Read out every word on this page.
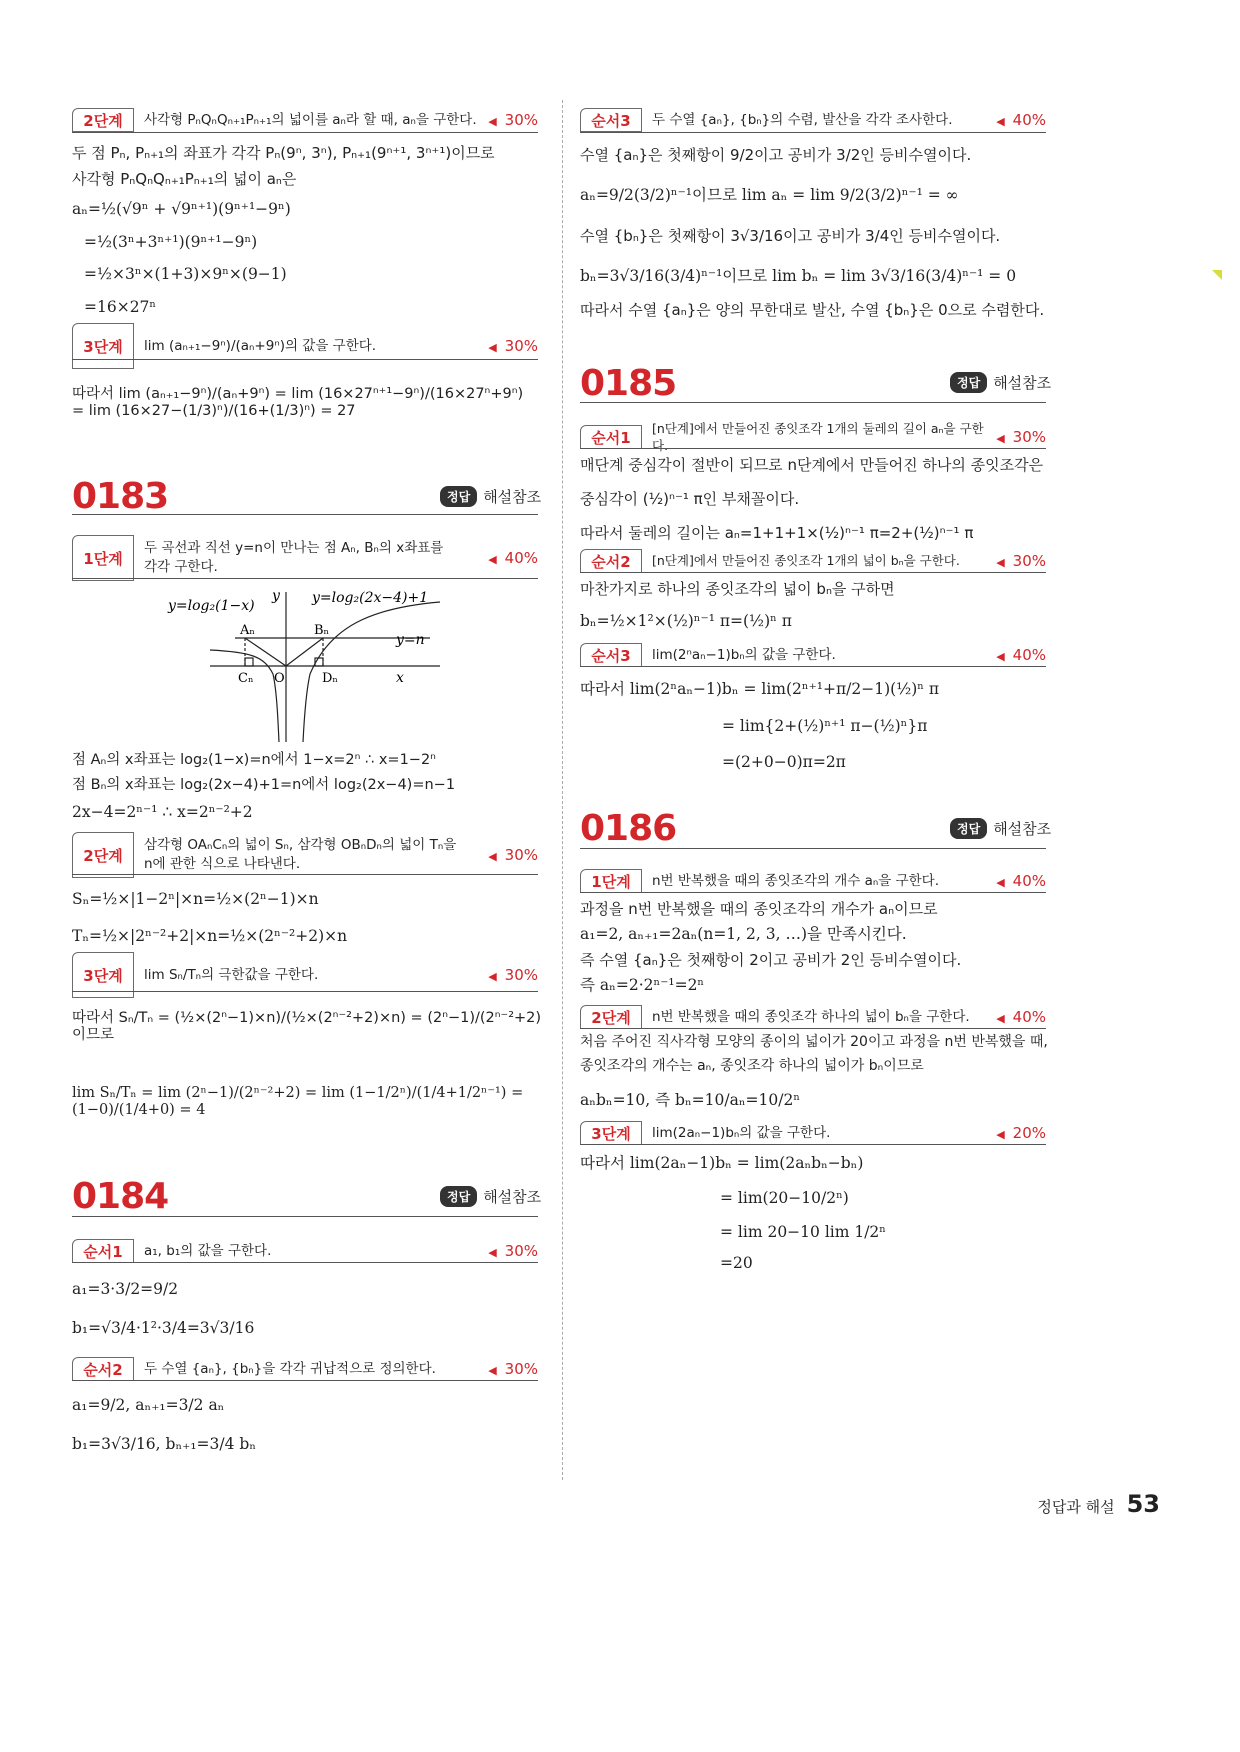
2단계	사각형 PₙQₙQₙ₊₁Pₙ₊₁의 넓이를 aₙ라 할 때, aₙ을 구한다.	◀ 30%
두 점 Pₙ, Pₙ₊₁의 좌표가 각각 Pₙ(9ⁿ, 3ⁿ), Pₙ₊₁(9ⁿ⁺¹, 3ⁿ⁺¹)이므로
사각형 PₙQₙQₙ₊₁Pₙ₊₁의 넓이 aₙ은
aₙ=½(√9ⁿ + √9ⁿ⁺¹)(9ⁿ⁺¹−9ⁿ)
=½(3ⁿ+3ⁿ⁺¹)(9ⁿ⁺¹−9ⁿ)
=½×3ⁿ×(1+3)×9ⁿ×(9−1)
=16×27ⁿ
3단계	lim (aₙ₊₁−9ⁿ)/(aₙ+9ⁿ)의 값을 구한다.	◀ 30%
따라서 lim (aₙ₊₁−9ⁿ)/(aₙ+9ⁿ) = lim (16×27ⁿ⁺¹−9ⁿ)/(16×27ⁿ+9ⁿ) = lim (16×27−(1/3)ⁿ)/(16+(1/3)ⁿ) = 27
0183	정답 해설참조
1단계
두 곡선과 직선 y=n이 만나는 점 Aₙ, Bₙ의 x좌표를 각각 구한다.	◀ 40%
y=log₂(1−x)	y=log₂(2x−4)+1
y=n
Aₙ	Bₙ
Cₙ O	Dₙ	x
y
점 Aₙ의 x좌표는 log₂(1−x)=n에서 1−x=2ⁿ ∴ x=1−2ⁿ
점 Bₙ의 x좌표는 log₂(2x−4)+1=n에서 log₂(2x−4)=n−1
2x−4=2ⁿ⁻¹ ∴ x=2ⁿ⁻²+2
2단계
삼각형 OAₙCₙ의 넓이 Sₙ, 삼각형 OBₙDₙ의 넓이 Tₙ을 n에 관한 식으로 나타낸다.	◀ 30%
Sₙ=½×|1−2ⁿ|×n=½×(2ⁿ−1)×n
Tₙ=½×|2ⁿ⁻²+2|×n=½×(2ⁿ⁻²+2)×n
3단계	lim Sₙ/Tₙ의 극한값을 구한다.	◀ 30%
따라서 Sₙ/Tₙ = (½×(2ⁿ−1)×n)/(½×(2ⁿ⁻²+2)×n) = (2ⁿ−1)/(2ⁿ⁻²+2) 이므로
lim Sₙ/Tₙ = lim (2ⁿ−1)/(2ⁿ⁻²+2) = lim (1−1/2ⁿ)/(1/4+1/2ⁿ⁻¹) = (1−0)/(1/4+0) = 4
0184	정답 해설참조
순서1	a₁, b₁의 값을 구한다.	◀ 30%
a₁=3·3/2=9/2
b₁=√3/4·1²·3/4=3√3/16
순서2	두 수열 {aₙ}, {bₙ}을 각각 귀납적으로 정의한다.	◀ 30%
a₁=9/2, aₙ₊₁=3/2 aₙ
b₁=3√3/16, bₙ₊₁=3/4 bₙ
순서3	두 수열 {aₙ}, {bₙ}의 수렴, 발산을 각각 조사한다.	◀ 40%
수열 {aₙ}은 첫째항이 9/2이고 공비가 3/2인 등비수열이다.
aₙ=9/2(3/2)ⁿ⁻¹이므로 lim aₙ = lim 9/2(3/2)ⁿ⁻¹ = ∞
수열 {bₙ}은 첫째항이 3√3/16이고 공비가 3/4인 등비수열이다.
bₙ=3√3/16(3/4)ⁿ⁻¹이므로 lim bₙ = lim 3√3/16(3/4)ⁿ⁻¹ = 0
따라서 수열 {aₙ}은 양의 무한대로 발산, 수열 {bₙ}은 0으로 수렴한다.
0185	정답 해설참조
순서1
[n단계]에서 만들어진 종잇조각 1개의 둘레의 길이 aₙ을 구한다.	◀ 30%
매단계 중심각이 절반이 되므로 n단계에서 만들어진 하나의 종잇조각은
중심각이 (½)ⁿ⁻¹ π인 부채꼴이다.
따라서 둘레의 길이는 aₙ=1+1+1×(½)ⁿ⁻¹ π=2+(½)ⁿ⁻¹ π
순서2	[n단계]에서 만들어진 종잇조각 1개의 넓이 bₙ을 구한다.	◀ 30%
마찬가지로 하나의 종잇조각의 넓이 bₙ을 구하면
bₙ=½×1²×(½)ⁿ⁻¹ π=(½)ⁿ π
순서3	lim(2ⁿaₙ−1)bₙ의 값을 구한다.	◀ 40%
따라서 lim(2ⁿaₙ−1)bₙ = lim(2ⁿ⁺¹+π/2−1)(½)ⁿ π
= lim{2+(½)ⁿ⁺¹ π−(½)ⁿ}π
=(2+0−0)π=2π
0186	정답 해설참조
1단계	n번 반복했을 때의 종잇조각의 개수 aₙ을 구한다.	◀ 40%
과정을 n번 반복했을 때의 종잇조각의 개수가 aₙ이므로
a₁=2, aₙ₊₁=2aₙ(n=1, 2, 3, …)을 만족시킨다.
즉 수열 {aₙ}은 첫째항이 2이고 공비가 2인 등비수열이다.
즉 aₙ=2·2ⁿ⁻¹=2ⁿ
2단계	n번 반복했을 때의 종잇조각 하나의 넓이 bₙ을 구한다.	◀ 40%
처음 주어진 직사각형 모양의 종이의 넓이가 20이고 과정을 n번 반복했을 때,
종잇조각의 개수는 aₙ, 종잇조각 하나의 넓이가 bₙ이므로
aₙbₙ=10, 즉 bₙ=10/aₙ=10/2ⁿ
3단계	lim(2aₙ−1)bₙ의 값을 구한다.	◀ 20%
따라서 lim(2aₙ−1)bₙ = lim(2aₙbₙ−bₙ)
= lim(20−10/2ⁿ)
= lim 20−10 lim 1/2ⁿ
=20
정답과 해설 53
